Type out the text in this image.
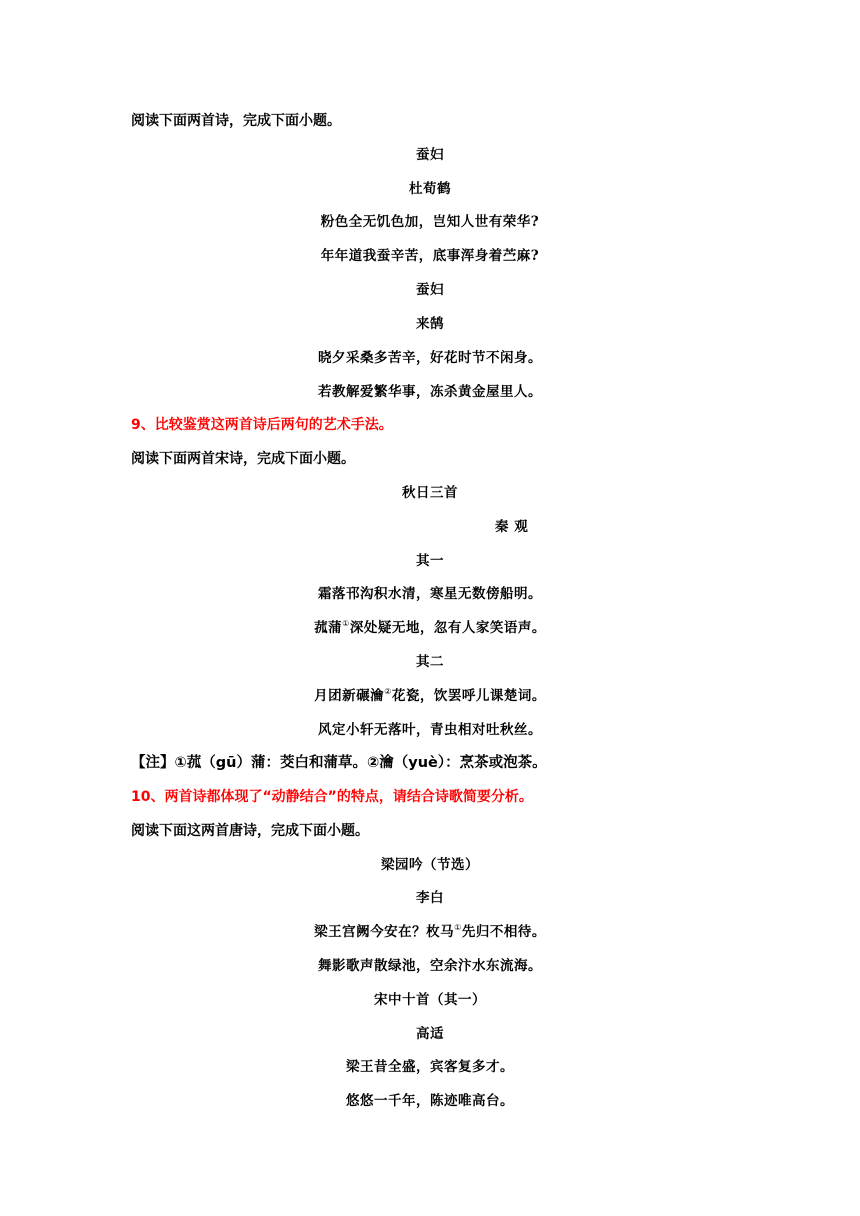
阅读下面两首诗，完成下面小题。
蚕妇
杜荀鹤
粉色全无饥色加，岂知人世有荣华?
年年道我蚕辛苦，底事浑身着苎麻?
蚕妇
来鹄
晓夕采桑多苦辛，好花时节不闲身。
若教解爱繁华事，冻杀黄金屋里人。
9、比较鉴赏这两首诗后两句的艺术手法。
阅读下面两首宋诗，完成下面小题。
秋日三首
秦 观
其一
霜落邗沟积水清，寒星无数傍船明。
菰蒲①深处疑无地，忽有人家笑语声。
其二
月团新碾瀹②花瓷，饮罢呼儿课楚词。
风定小轩无落叶，青虫相对吐秋丝。
【注】①菰（gū）蒲：茭白和蒲草。②瀹（yuè）：烹茶或泡茶。
10、两首诗都体现了“动静结合”的特点，请结合诗歌简要分析。
阅读下面这两首唐诗，完成下面小题。
梁园吟（节选）
李白
梁王宫阙今安在？枚马①先归不相待。
舞影歌声散绿池，空余汴水东流海。
宋中十首（其一）
高适
梁王昔全盛，宾客复多才。
悠悠一千年，陈迹唯高台。
